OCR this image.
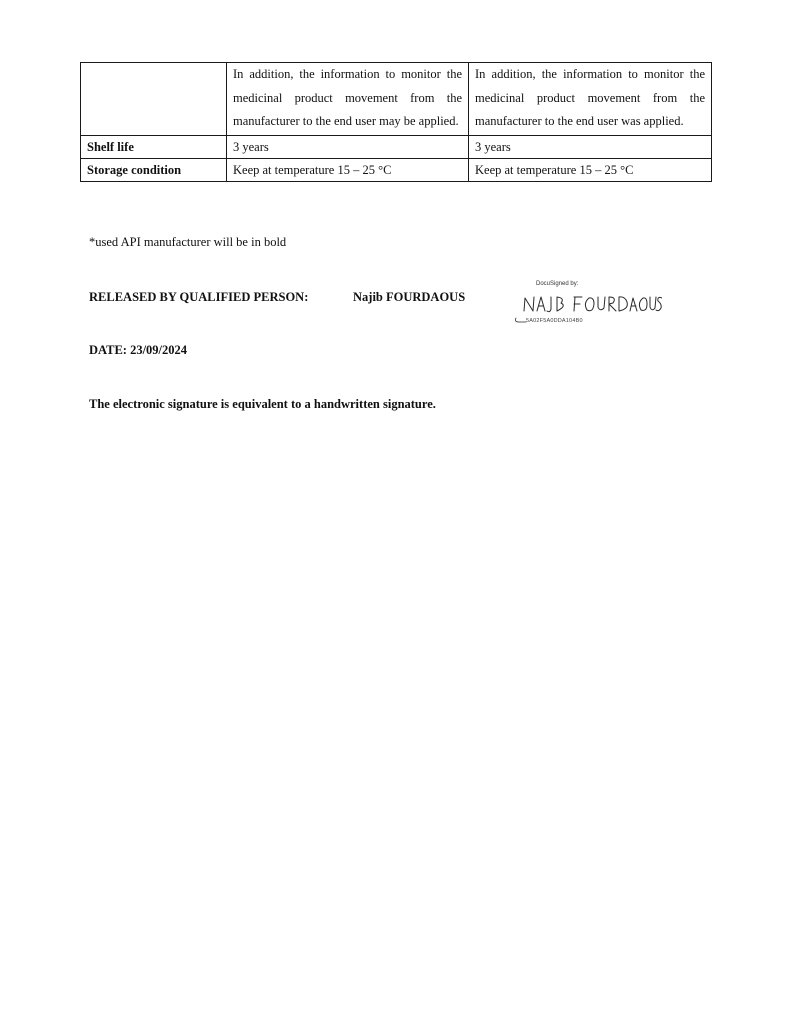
	In addition, the information to monitor the medicinal product movement from the manufacturer to the end user may be applied.	In addition, the information to monitor the medicinal product movement from the manufacturer to the end user was applied.

Shelf life	3 years	3 years
Storage condition	Keep at temperature 15 – 25 °C	Keep at temperature 15 – 25 °C
*used API manufacturer will be in bold
RELEASED BY QUALIFIED PERSON:	Najib FOURDAOUS
DocuSigned by:
5A02F5A0DDA104B0
DATE: 23/09/2024
The electronic signature is equivalent to a handwritten signature.
